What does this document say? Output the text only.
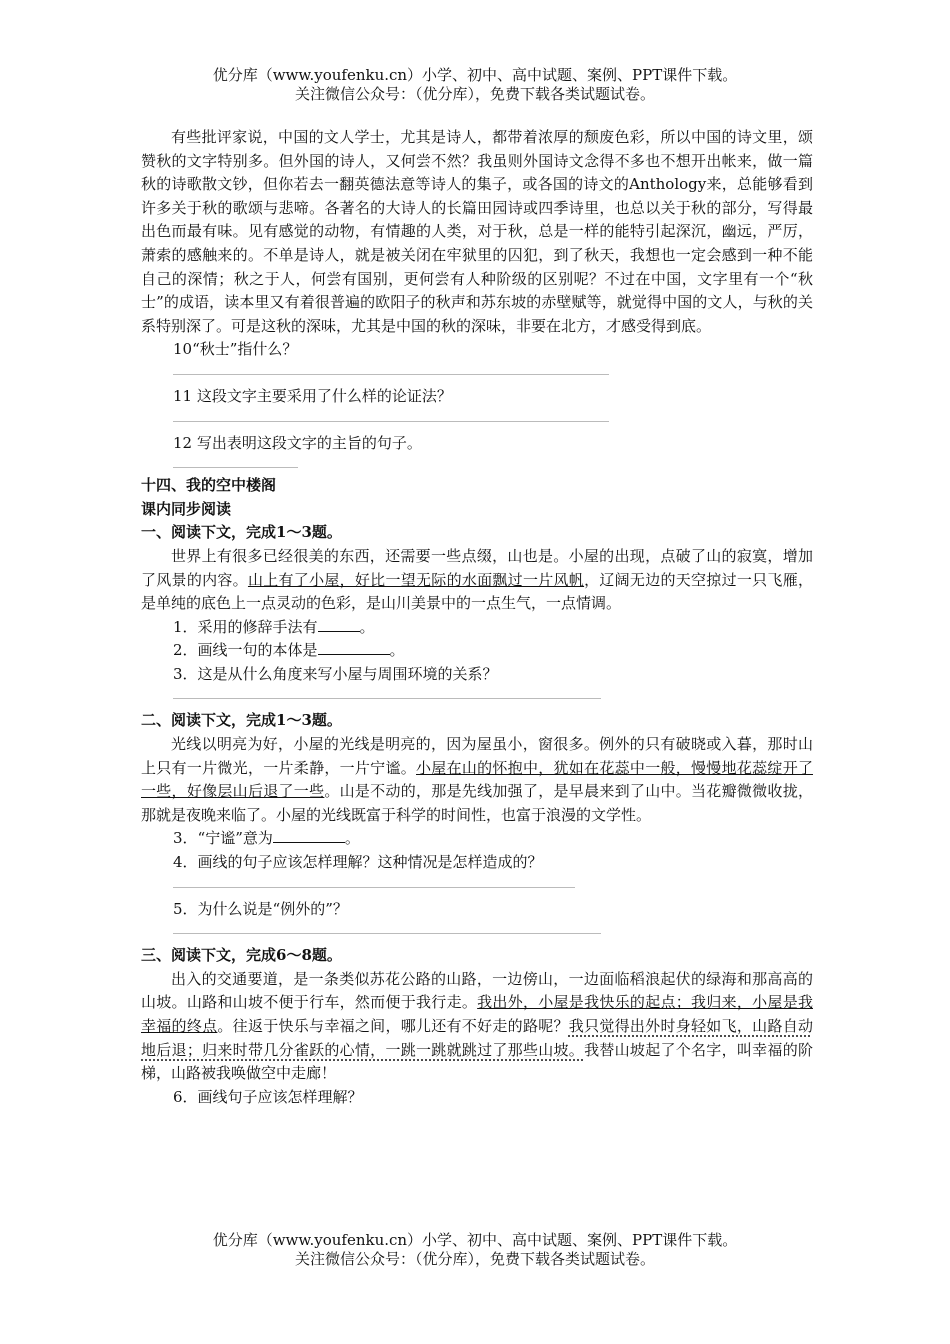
优分库（www.youfenku.cn）小学、初中、高中试题、案例、PPT课件下载。
关注微信公众号：（优分库），免费下载各类试题试卷。

有些批评家说，中国的文人学士，尤其是诗人，都带着浓厚的颓废色彩，所以中国的诗文里，颂赞秋的文字特别多。但外国的诗人，又何尝不然？我虽则外国诗文念得不多也不想开出帐来，做一篇秋的诗歌散文钞，但你若去一翻英德法意等诗人的集子，或各国的诗文的Anthology来，总能够看到许多关于秋的歌颂与悲啼。各著名的大诗人的长篇田园诗或四季诗里，也总以关于秋的部分，写得最出色而最有味。见有感觉的动物，有情趣的人类，对于秋，总是一样的能特引起深沉，幽远，严厉，萧索的感触来的。不单是诗人，就是被关闭在牢狱里的囚犯，到了秋天，我想也一定会感到一种不能自己的深情；秋之于人，何尝有国别，更何尝有人种阶级的区别呢？不过在中国，文字里有一个“秋士”的成语，读本里又有着很普遍的欧阳子的秋声和苏东坡的赤壁赋等，就觉得中国的文人，与秋的关系特别深了。可是这秋的深味，尤其是中国的秋的深味，非要在北方，才感受得到底。

10“秋士”指什么？

11 这段文字主要采用了什么样的论证法？

12 写出表明这段文字的主旨的句子。

十四、我的空中楼阁

课内同步阅读

一、阅读下文，完成1～3题。

世界上有很多已经很美的东西，还需要一些点缀，山也是。小屋的出现，点破了山的寂寞，增加了风景的内容。山上有了小屋，好比一望无际的水面飘过一片风帆，辽阔无边的天空掠过一只飞雁，是单纯的底色上一点灵动的色彩，是山川美景中的一点生气，一点情调。

1．采用的修辞手法有	。

2．画线一句的本体是	。

3．这是从什么角度来写小屋与周围环境的关系？

二、阅读下文，完成1～3题。

光线以明亮为好，小屋的光线是明亮的，因为屋虽小，窗很多。例外的只有破晓或入暮，那时山上只有一片微光，一片柔静，一片宁谧。小屋在山的怀抱中，犹如在花蕊中一般，慢慢地花蕊绽开了一些，好像层山后退了一些。山是不动的，那是先线加强了，是早晨来到了山中。当花瓣微微收拢，那就是夜晚来临了。小屋的光线既富于科学的时间性，也富于浪漫的文学性。

3．“宁谧”意为	。

4．画线的句子应该怎样理解？这种情况是怎样造成的？

5．为什么说是“例外的”？

三、阅读下文，完成6～8题。

出入的交通要道，是一条类似苏花公路的山路，一边傍山，一边面临稻浪起伏的绿海和那高高的山坡。山路和山坡不便于行车，然而便于我行走。我出外，小屋是我快乐的起点；我归来，小屋是我幸福的终点。往返于快乐与幸福之间，哪儿还有不好走的路呢？我只觉得出外时身轻如飞，山路自动地后退；归来时带几分雀跃的心情，一跳一跳就跳过了那些山坡。我替山坡起了个名字，叫幸福的阶梯，山路被我唤做空中走廊！

6．画线句子应该怎样理解？

优分库（www.youfenku.cn）小学、初中、高中试题、案例、PPT课件下载。
关注微信公众号：（优分库），免费下载各类试题试卷。
